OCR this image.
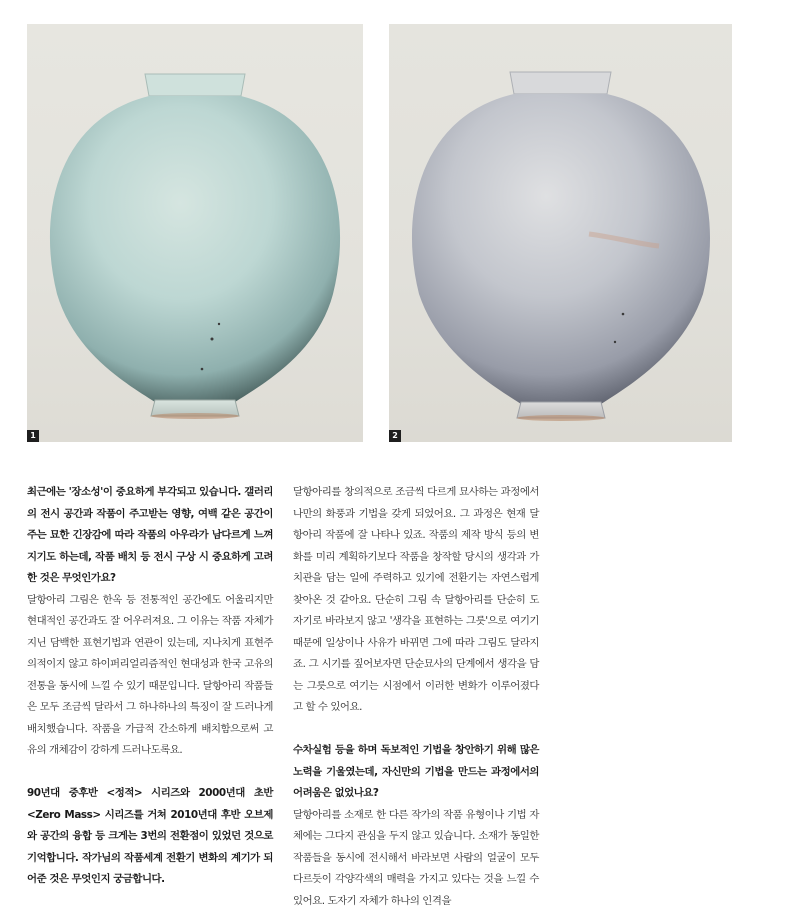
1	2

최근에는 '장소성'이 중요하게 부각되고 있습니다. 갤러리의 전시 공간과 작품이 주고받는 영향, 여백 같은 공간이 주는 묘한 긴장감에 따라 작품의 아우라가 남다르게 느껴지기도 하는데, 작품 배치 등 전시 구상 시 중요하게 고려한 것은 무엇인가요?

달항아리 그림은 한옥 등 전통적인 공간에도 어울리지만 현대적인 공간과도 잘 어우러져요. 그 이유는 작품 자체가 지닌 담백한 표현기법과 연관이 있는데, 지나치게 표현주의적이지 않고 하이퍼리얼리즘적인 현대성과 한국 고유의 전통을 동시에 느낄 수 있기 때문입니다. 달항아리 작품들은 모두 조금씩 달라서 그 하나하나의 특징이 잘 드러나게 배치했습니다. 작품을 가급적 간소하게 배치함으로써 고유의 개체감이 강하게 드러나도록요.

90년대 중후반 <정적> 시리즈와 2000년대 초반 <Zero Mass> 시리즈를 거쳐 2010년대 후반 오브제와 공간의 융합 등 크게는 3번의 전환점이 있었던 것으로 기억합니다. 작가님의 작품세계 전환기 변화의 계기가 되어준 것은 무엇인지 궁금합니다.

달항아리를 창의적으로 조금씩 다르게 묘사하는 과정에서 나만의 화풍과 기법을 갖게 되었어요. 그 과정은 현재 달항아리 작품에 잘 나타나 있죠. 작품의 제작 방식 등의 변화를 미리 계획하기보다 작품을 창작할 당시의 생각과 가치관을 담는 일에 주력하고 있기에 전환기는 자연스럽게 찾아온 것 같아요. 단순히 그림 속 달항아리를 단순히 도자기로 바라보지 않고 '생각을 표현하는 그릇'으로 여기기 때문에 일상이나 사유가 바뀌면 그에 따라 그림도 달라지죠. 그 시기를 짚어보자면 단순묘사의 단계에서 생각을 담는 그릇으로 여기는 시점에서 이러한 변화가 이루어졌다고 할 수 있어요.

수차실험 등을 하며 독보적인 기법을 창안하기 위해 많은 노력을 기울였는데, 자신만의 기법을 만드는 과정에서의 어려움은 없었나요?

달항아리를 소재로 한 다른 작가의 작품 유형이나 기법 자체에는 그다지 관심을 두지 않고 있습니다. 소재가 동일한 작품들을 동시에 전시해서 바라보면 사람의 얼굴이 모두 다르듯이 각양각색의 매력을 가지고 있다는 것을 느낄 수 있어요. 도자기 자체가 하나의 인격을
